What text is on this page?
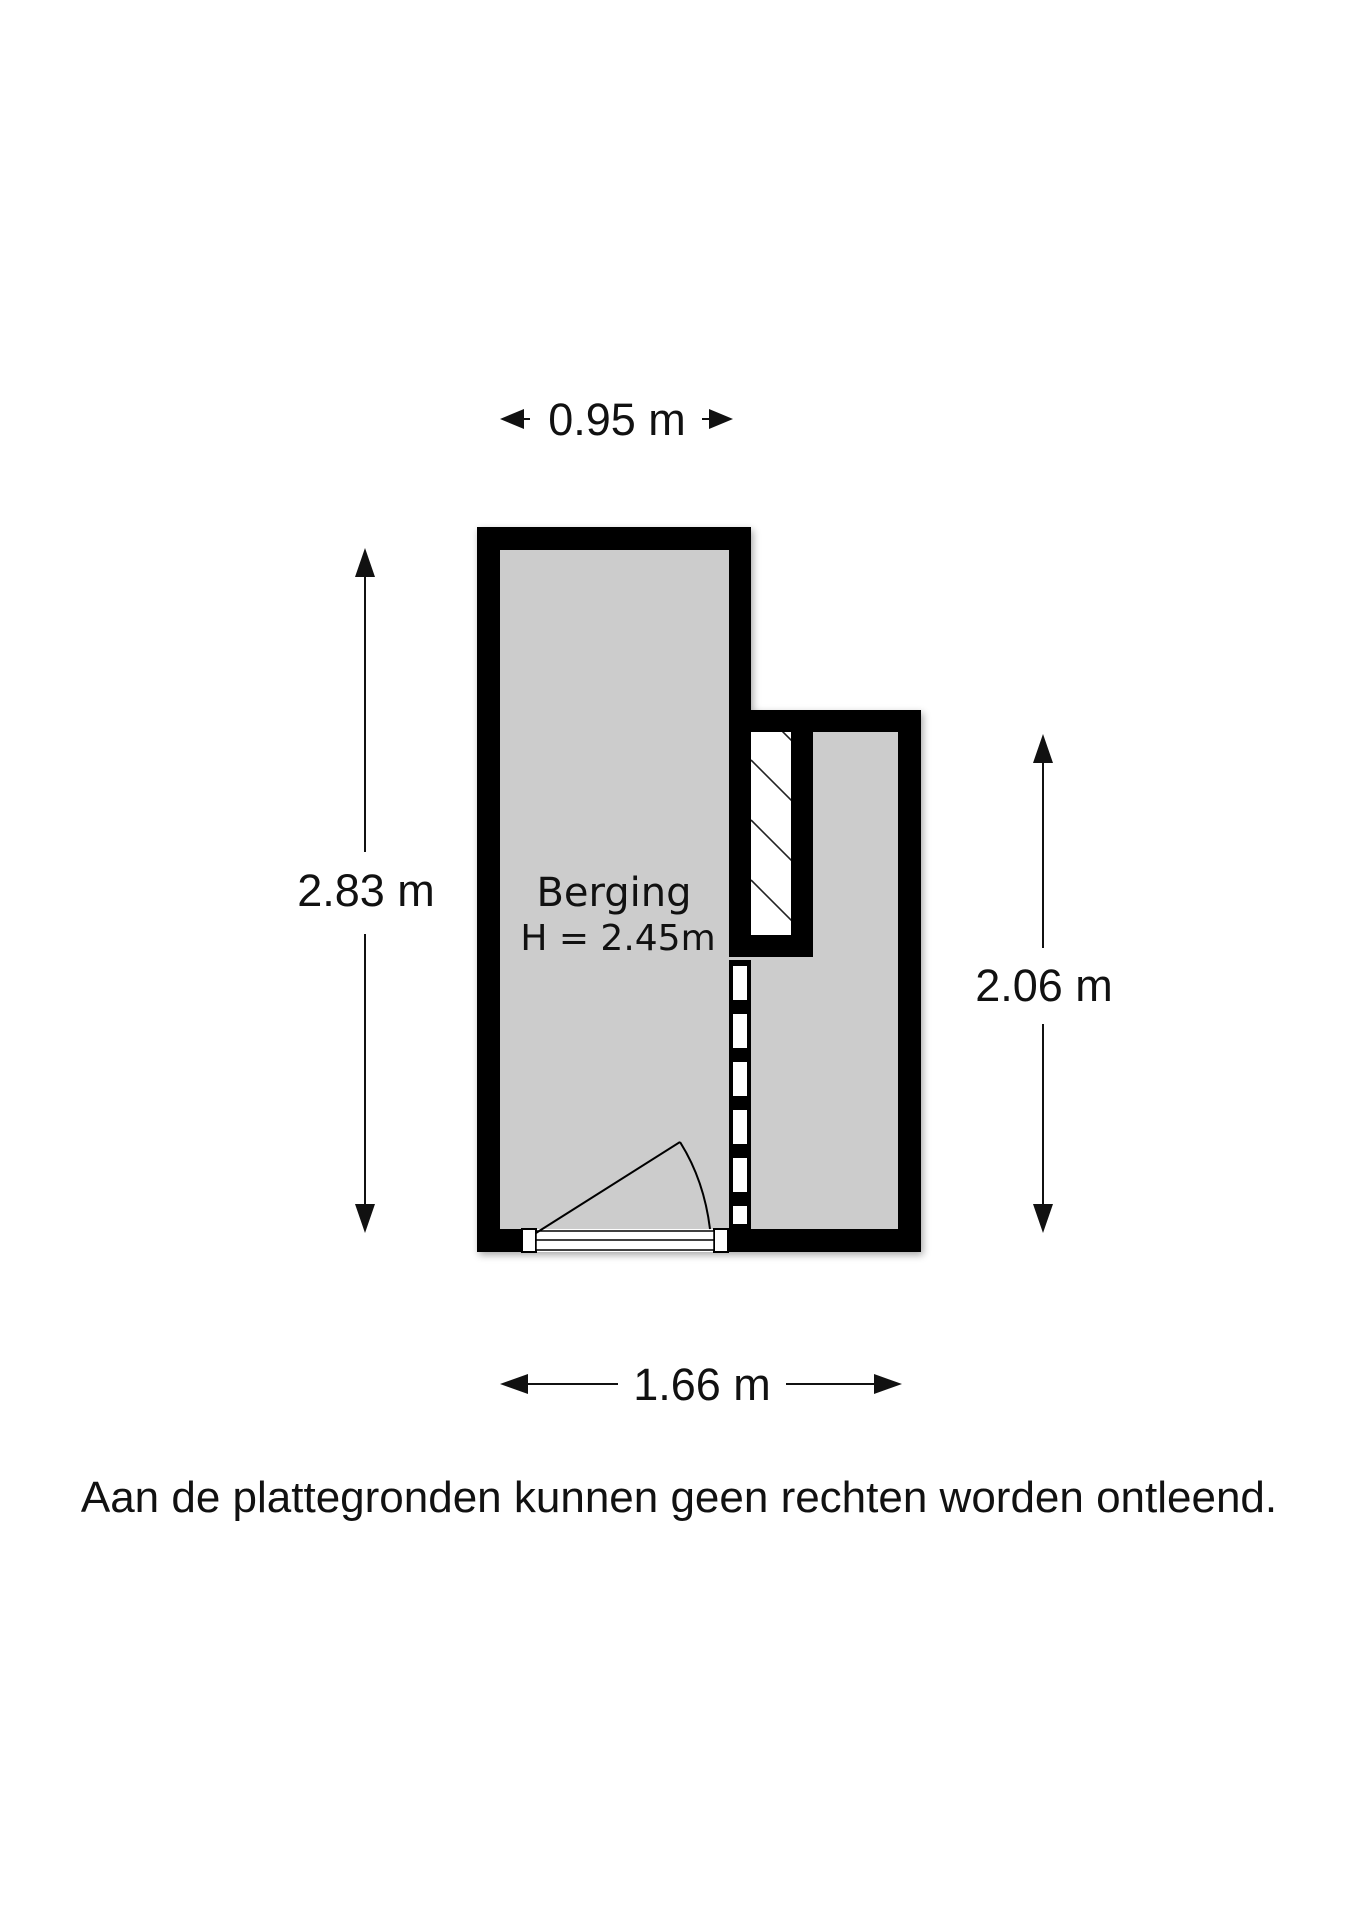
Berging
H = 2.45m
0.95 m
2.83 m
2.06 m
1.66 m
Aan de plattegronden kunnen geen rechten worden ontleend.
